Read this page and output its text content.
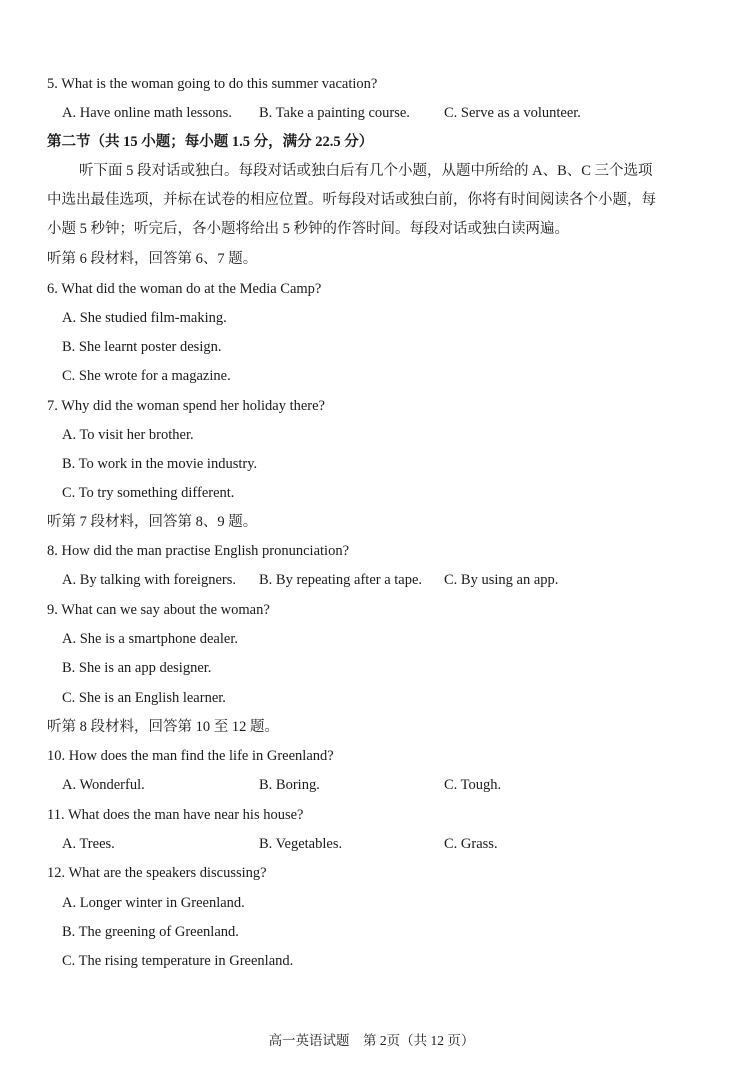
5. What is the woman going to do this summer vacation?
A. Have online math lessons. B. Take a painting course. C. Serve as a volunteer.
第二节（共 15 小题；每小题 1.5 分，满分 22.5 分）
听下面 5 段对话或独白。每段对话或独白后有几个小题，从题中所给的 A、B、C 三个选项
中选出最佳选项，并标在试卷的相应位置。听每段对话或独白前，你将有时间阅读各个小题，每
小题 5 秒钟；听完后，各小题将给出 5 秒钟的作答时间。每段对话或独白读两遍。
听第 6 段材料，回答第 6、7 题。
6. What did the woman do at the Media Camp?
A. She studied film-making.
B. She learnt poster design.
C. She wrote for a magazine.
7. Why did the woman spend her holiday there?
A. To visit her brother.
B. To work in the movie industry.
C. To try something different.
听第 7 段材料，回答第 8、9 题。
8. How did the man practise English pronunciation?
A. By talking with foreigners. B. By repeating after a tape. C. By using an app.
9. What can we say about the woman?
A. She is a smartphone dealer.
B. She is an app designer.
C. She is an English learner.
听第 8 段材料，回答第 10 至 12 题。
10. How does the man find the life in Greenland?
A. Wonderful.	B. Boring.	C. Tough.
11. What does the man have near his house?
A. Trees.	B. Vegetables.	C. Grass.
12. What are the speakers discussing?
A. Longer winter in Greenland.
B. The greening of Greenland.
C. The rising temperature in Greenland.
高一英语试题　第 2页（共 12 页）
